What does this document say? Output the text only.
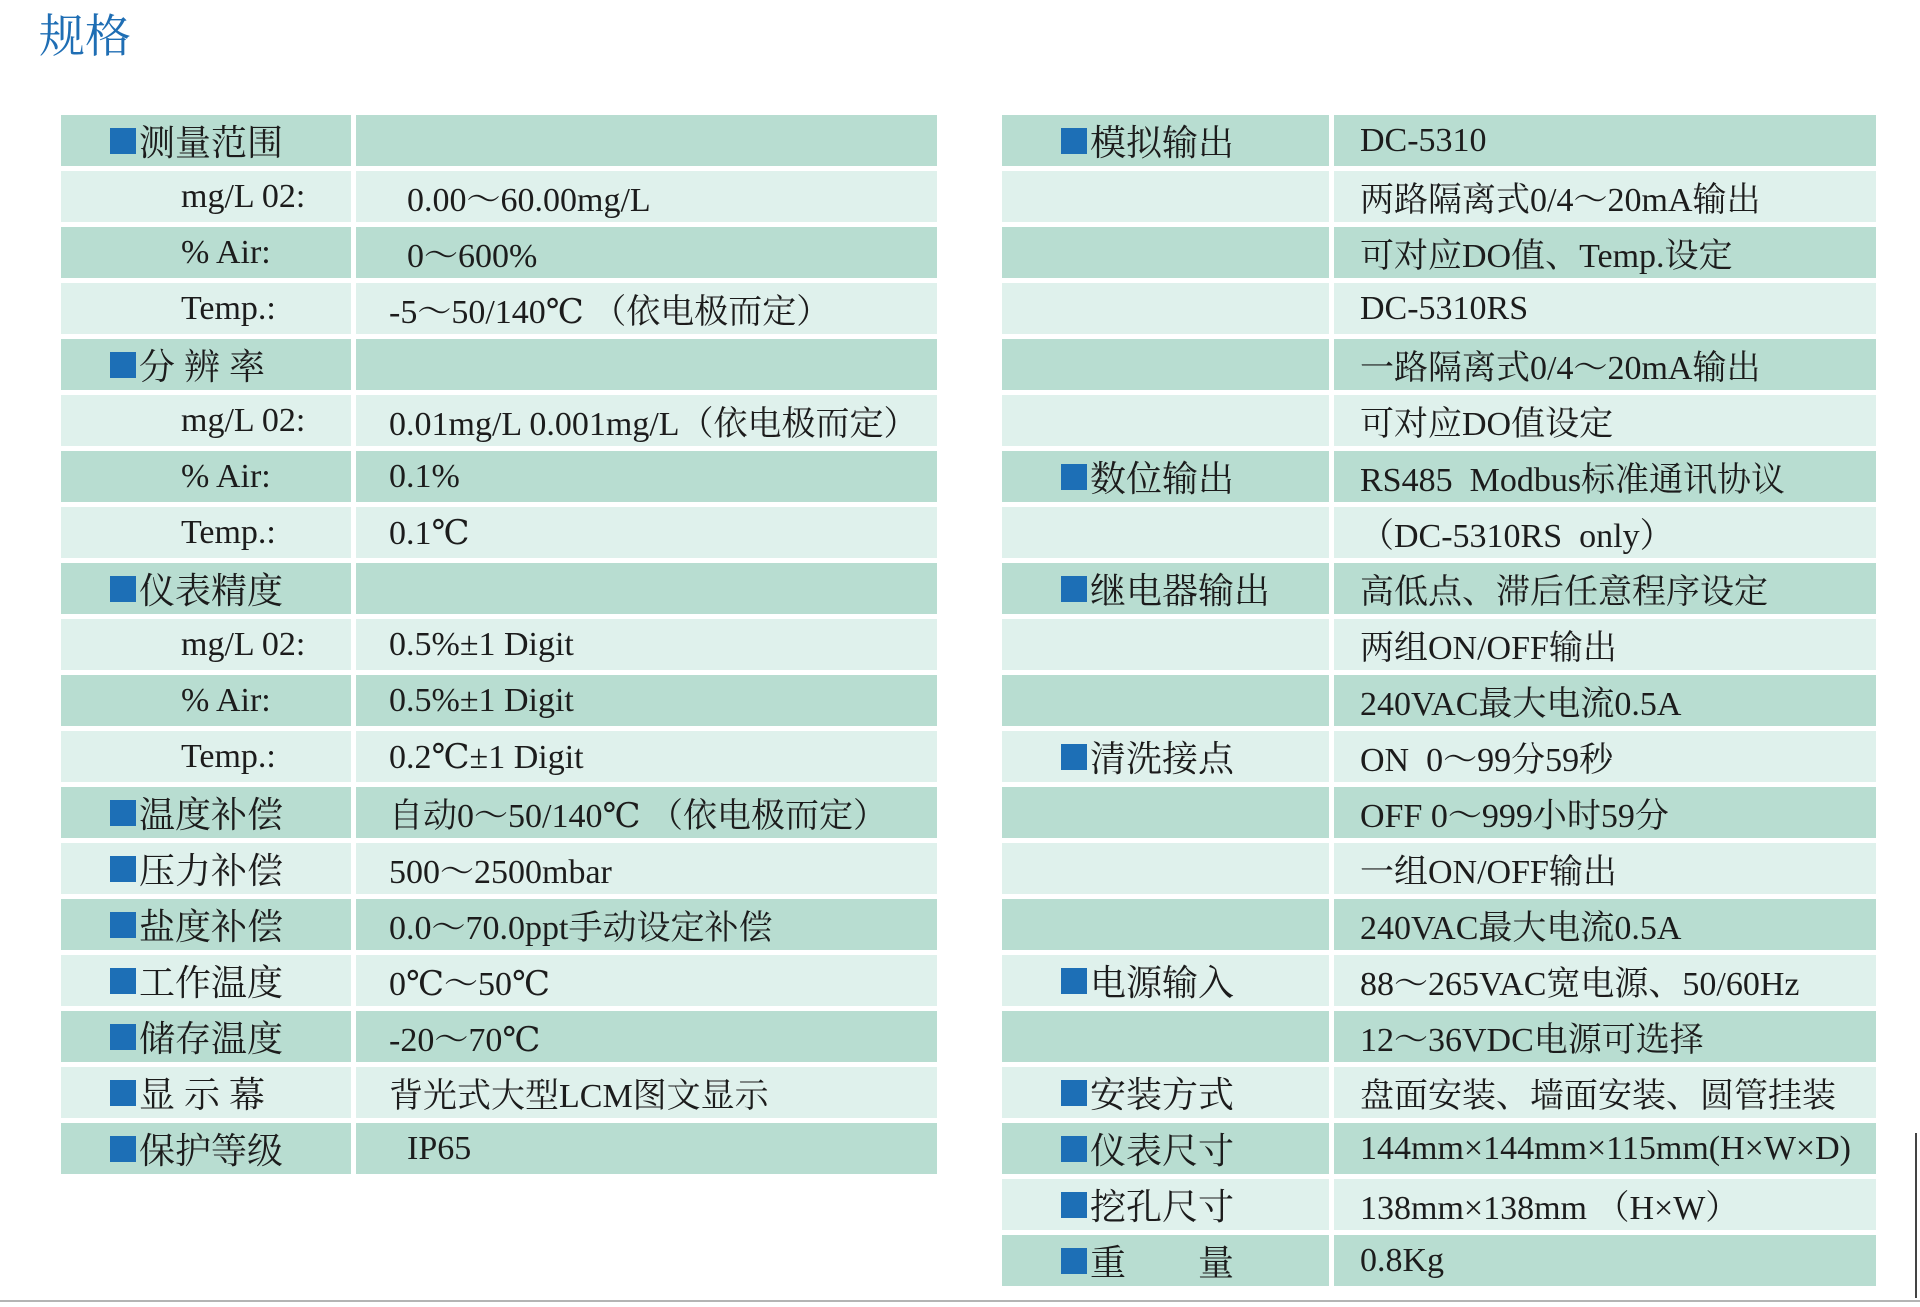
规格
测量范围
mg/L 02:	0.00～60.00mg/L
% Air:	0～600%
Temp.:	-5～50/140℃ （依电极而定）
分 辨 率
mg/L 02: 0.01mg/L 0.001mg/L（依电极而定）
% Air:	0.1%
Temp.:	0.1℃
仪表精度
mg/L 02: 0.5%±1 Digit
% Air:	0.5%±1 Digit
Temp.:	0.2℃±1 Digit
温度补偿	自动0～50/140℃ （依电极而定）
压力补偿	500～2500mbar
盐度补偿	0.0～70.0ppt手动设定补偿
工作温度	0℃～50℃
储存温度	-20～70℃
显 示 幕	背光式大型LCM图文显示
保护等级	IP65
模拟输出	DC-5310
两路隔离式0/4～20mA输出
可对应DO值、Temp.设定
DC-5310RS
一路隔离式0/4～20mA输出
可对应DO值设定
数位输出	RS485  Modbus标准通讯协议
（DC-5310RS  only）
继电器输出	高低点、滞后任意程序设定
两组ON/OFF输出
240VAC最大电流0.5A
清洗接点	ON  0～99分59秒
OFF 0～999小时59分
一组ON/OFF输出
240VAC最大电流0.5A
电源输入	88～265VAC宽电源、50/60Hz
12～36VDC电源可选择
安装方式	盘面安装、墙面安装、圆管挂装
仪表尺寸	144mm×144mm×115mm(H×W×D)
挖孔尺寸	138mm×138mm （H×W）
重　　量	0.8Kg
